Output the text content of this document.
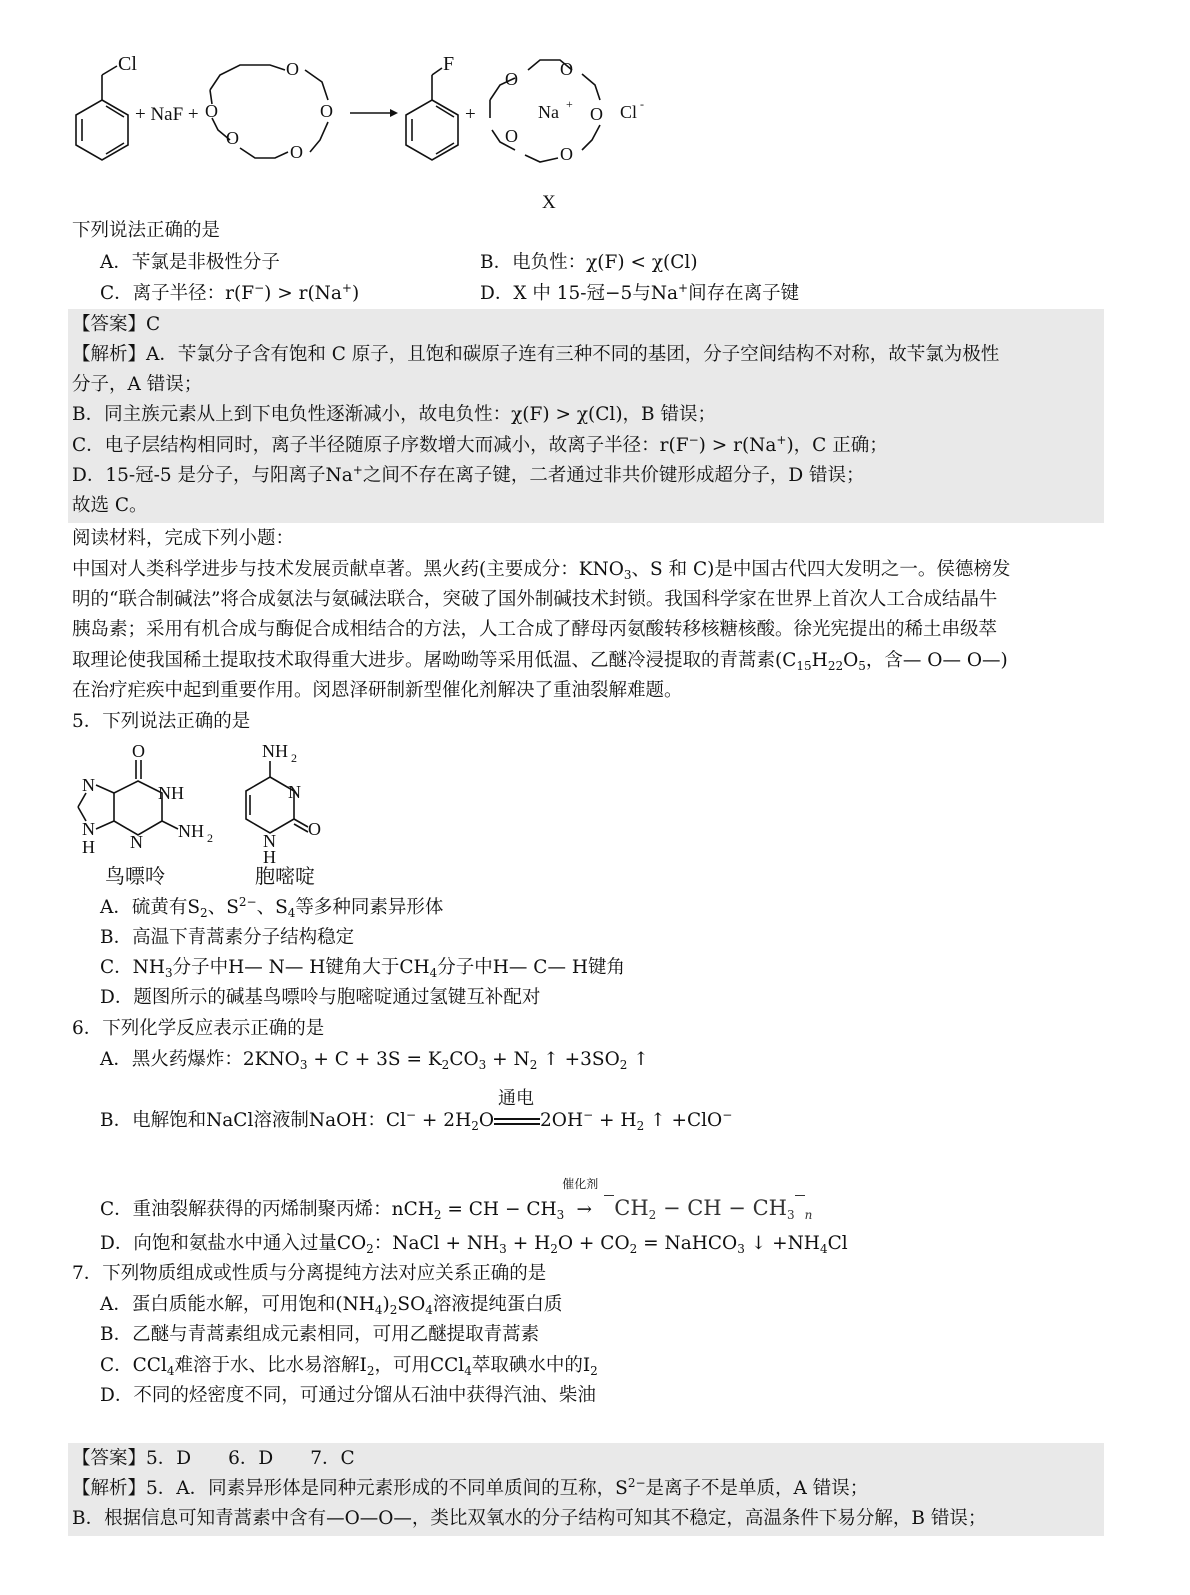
Cl
+ NaF +
O
O
O
O
O
F
+
O O
O
O
O
Na +	Cl -
X
下列说法正确的是
A．苄氯是非极性分子	B．电负性：χ(F) < χ(Cl)
C．离子半径：r(F−) > r(Na+)	D．X 中 15-冠−5与Na+间存在离子键
【答案】C
【解析】A．苄氯分子含有饱和 C 原子，且饱和碳原子连有三种不同的基团，分子空间结构不对称，故苄氯为极性
分子，A 错误；
B．同主族元素从上到下电负性逐渐减小，故电负性：χ(F) > χ(Cl)，B 错误；
C．电子层结构相同时，离子半径随原子序数增大而减小，故离子半径：r(F−) > r(Na+)，C 正确；
D．15-冠-5 是分子，与阳离子Na+之间不存在离子键，二者通过非共价键形成超分子，D 错误；
故选 C。
阅读材料，完成下列小题：
中国对人类科学进步与技术发展贡献卓著。黑火药(主要成分：$KNO_3$、S 和 C)是中国古代四大发明之一。侯德榜发
明的“联合制碱法”将合成氨法与氨碱法联合，突破了国外制碱技术封锁。我国科学家在世界上首次人工合成结晶牛
胰岛素；采用有机合成与酶促合成相结合的方法，人工合成了酵母丙氨酸转移核糖核酸。徐光宪提出的稀土串级萃
取理论使我国稀土提取技术取得重大进步。屠呦呦等采用低温、乙醚冷浸提取的青蒿素($C_{15}H_{22}O_5$，含— O— O—)
在治疗疟疾中起到重要作用。闵恩泽研制新型催化剂解决了重油裂解难题。
5．下列说法正确的是
O
N	NH
N
NH 2
N
H
鸟嘌呤
NH 2
N
N
H
O
胞嘧啶
A．硫黄有$S_2$、$S^{2-}$、$S_4$等多种同素异形体
B．高温下青蒿素分子结构稳定
C．$NH_3$分子中H— N— H键角大于$CH_4$分子中H— C— H键角
D．题图所示的碱基鸟嘌呤与胞嘧啶通过氢键互补配对
6．下列化学反应表示正确的是
A．黑火药爆炸：$2KNO_3 + C + 3S = K_2CO_3 + N_2$ ↑ $+3SO_2$ ↑
B．电解饱和NaCl溶液制NaOH：$Cl^- + 2H_2O$
通电
$2OH^- + H_2$ ↑ +ClO−
C．重油裂解获得的丙烯制聚丙烯：nCH$_2$ = CH − $CH_3$
催化剂
→ $CH_2$ − CH − $CH_3$ $_n$
D．向饱和氨盐水中通入过量$CO_2$：NaCl + $NH_3 + H_2O + CO_2$ = NaHCO$_3$ ↓ $+NH_4Cl$
7．下列物质组成或性质与分离提纯方法对应关系正确的是
A．蛋白质能水解，可用饱和$(NH_4)_2SO_4$溶液提纯蛋白质
B．乙醚与青蒿素组成元素相同，可用乙醚提取青蒿素
C．CCl$_4$难溶于水、比水易溶解$I_2$，可用CCl$_4$萃取碘水中的$I_2$
D．不同的烃密度不同，可通过分馏从石油中获得汽油、柴油
【答案】5．D　　6．D　　7．C
【解析】5．A．同素异形体是同种元素形成的不同单质间的互称，$S^{2-}$是离子不是单质，A 错误；
B．根据信息可知青蒿素中含有—O—O—，类比双氧水的分子结构可知其不稳定，高温条件下易分解，B 错误；
